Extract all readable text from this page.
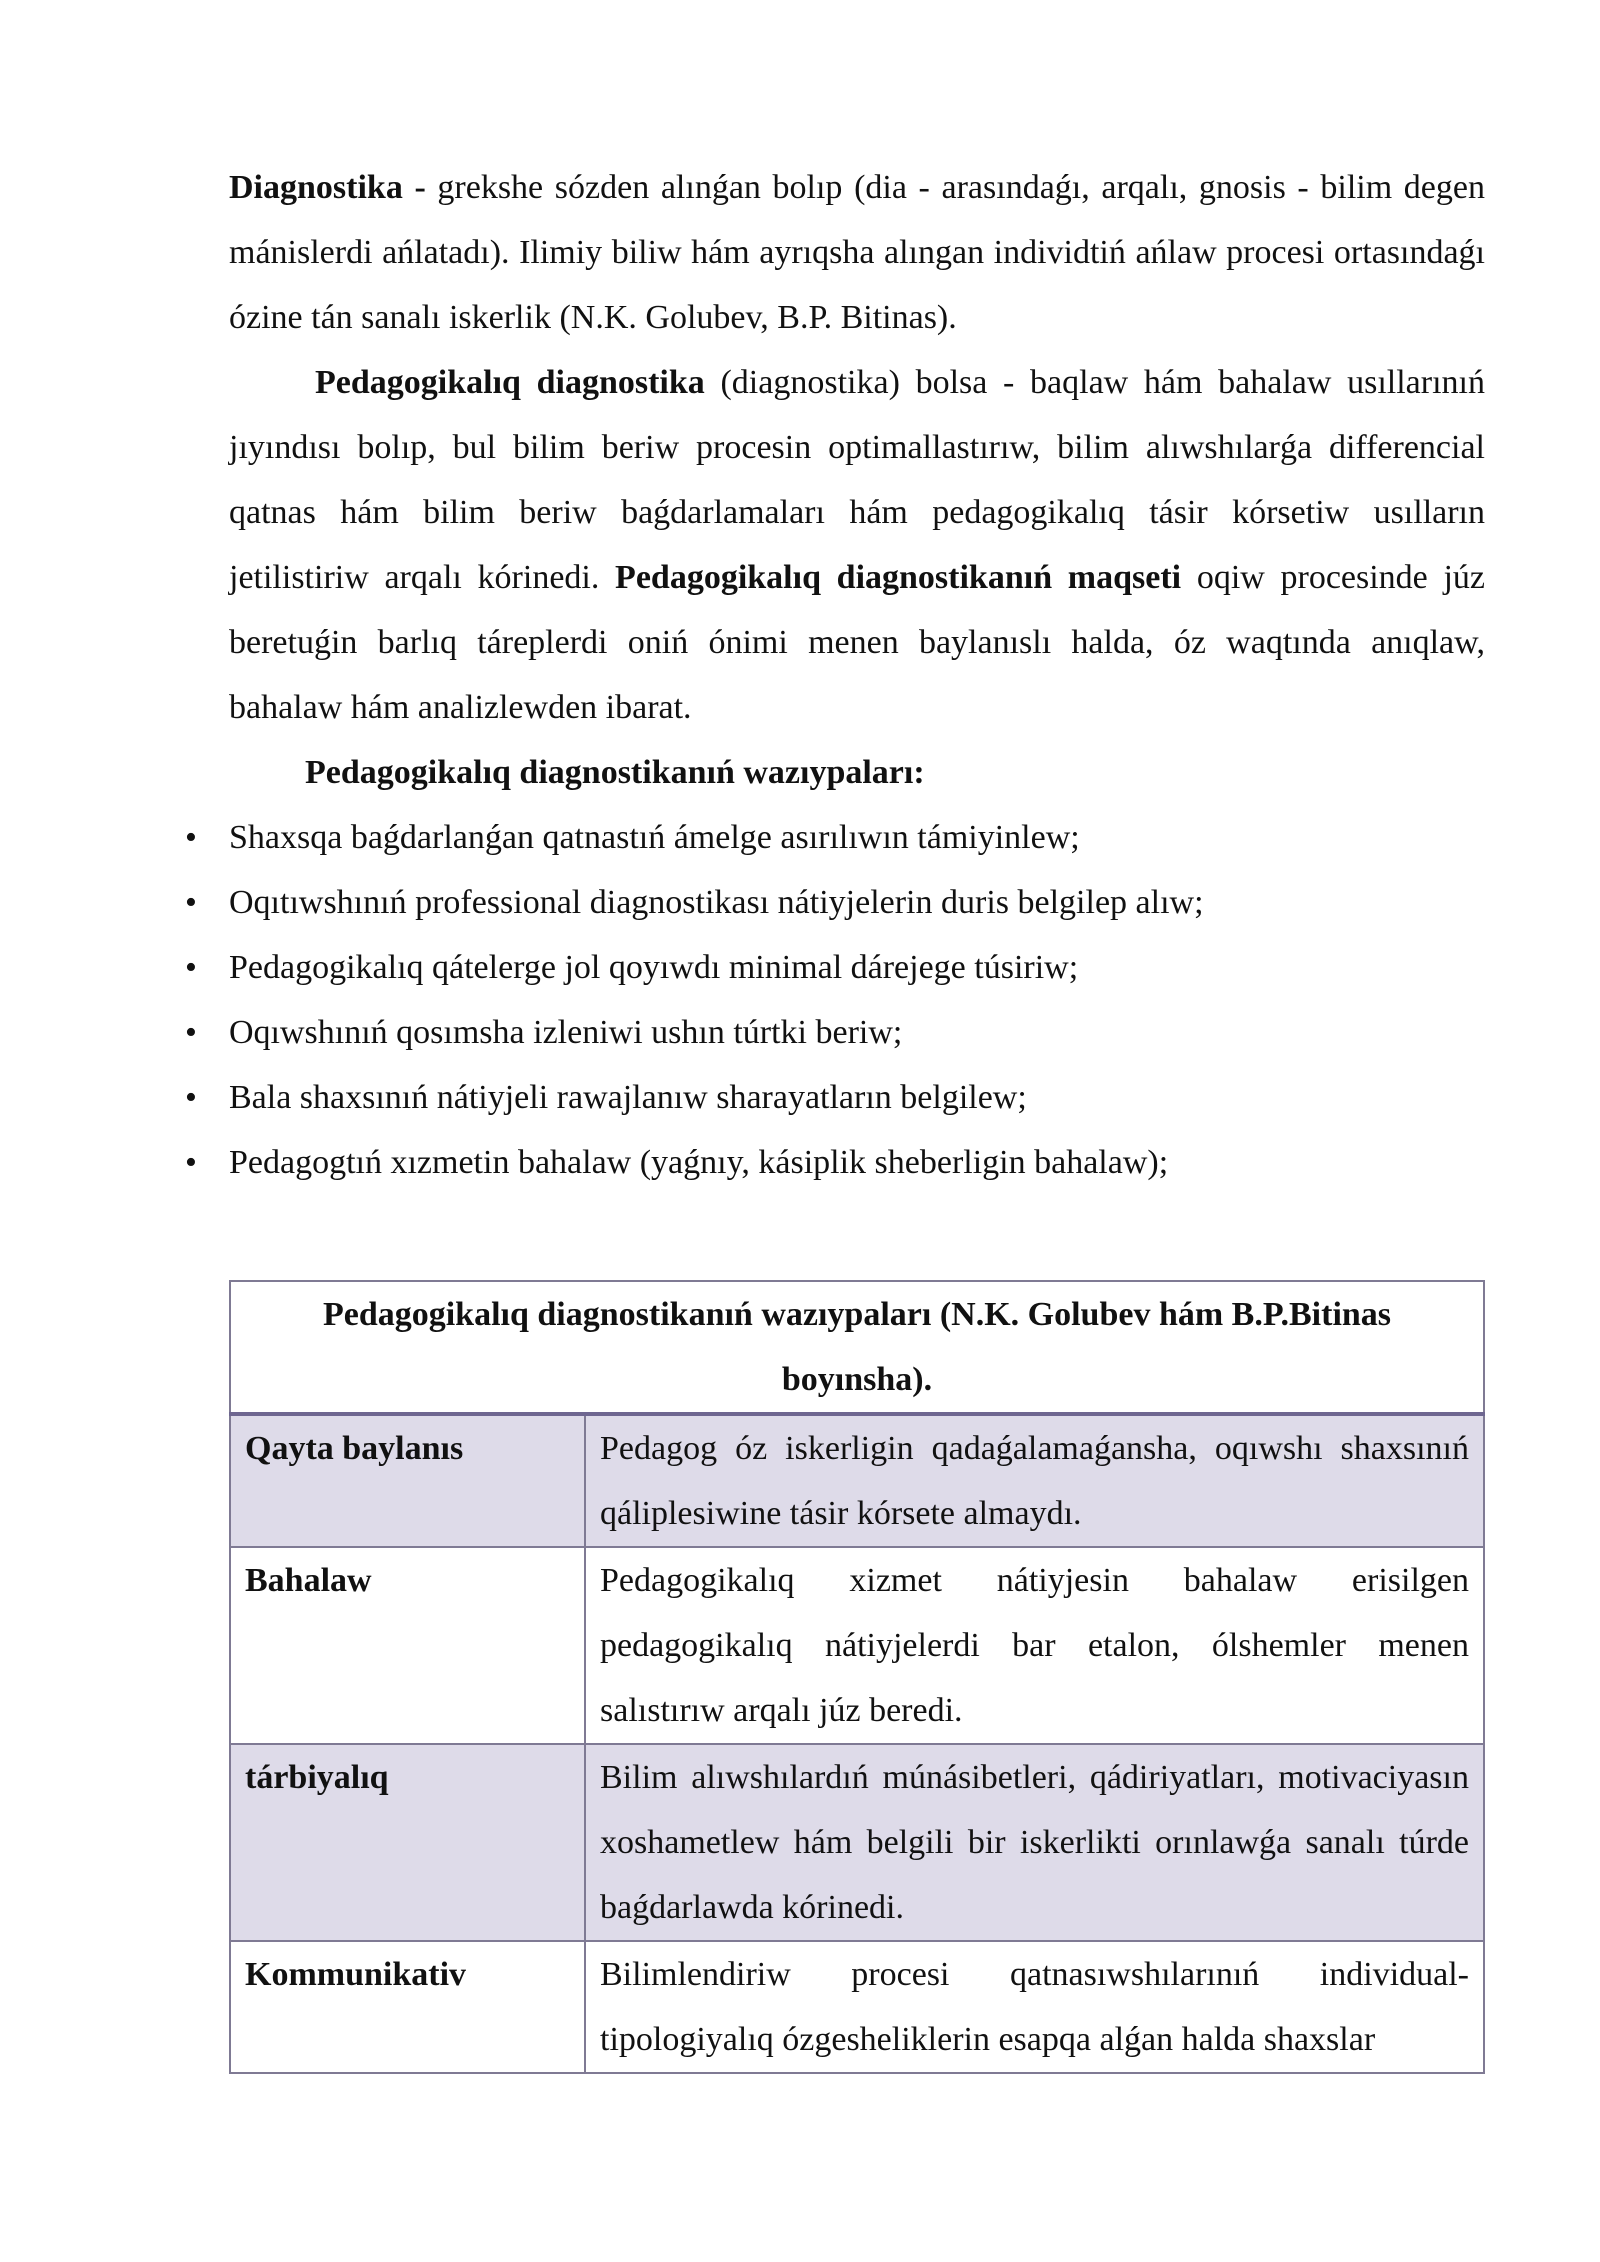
Diagnostika - grekshe sózden alınǵan bolıp (dia - arasındaǵı, arqalı, gnosis - bilim degen mánislerdi ańlatadı). Ilimiy biliw hám ayrıqsha alıngan individtiń ańlaw procesi ortasındaǵı ózine tán sanalı iskerlik (N.K. Golubev, B.P. Bitinas).

Pedagogikalıq diagnostika (diagnostika) bolsa - baqlaw hám bahalaw usıllarınıń jıyındısı bolıp, bul bilim beriw procesin optimallastırıw, bilim alıwshılarǵa differencial qatnas hám bilim beriw baǵdarlamaları hám pedagogikalıq tásir kórsetiw usılların jetilistiriw arqalı kórinedi. Pedagogikalıq diagnostikanıń maqseti oqiw procesinde júz beretuǵin barlıq táreplerdi oniń ónimi menen baylanıslı halda, óz waqtında anıqlaw, bahalaw hám analizlewden ibarat.

Pedagogikalıq diagnostikanıń wazıypaları:
• Shaxsqa baǵdarlanǵan qatnastıń ámelge asırılıwın támiyinlew;
• Oqıtıwshınıń professional diagnostikası nátiyjelerin duris belgilep alıw;
• Pedagogikalıq qátelerge jol qoyıwdı minimal dárejege túsiriw;
• Oqıwshınıń qosımsha izleniwi ushın túrtki beriw;
• Bala shaxsınıń nátiyjeli rawajlanıw sharayatların belgilew;
• Pedagogtıń xızmetin bahalaw (yaǵnıy, kásiplik sheberligin bahalaw);
Pedagogikalıq diagnostikanıń wazıypaları (N.K. Golubev hám B.P.Bitinas boyınsha).	
Qayta baylanıs	Pedagog óz iskerligin qadaǵalamaǵansha, oqıwshı shaxsınıń qáliplesiwine tásir kórsete almaydı.
Bahalaw	Pedagogikalıq xizmet nátiyjesin bahalaw erisilgen pedagogikalıq nátiyjelerdi bar etalon, ólshemler menen salıstırıw arqalı júz beredi.
tárbiyalıq	Bilim alıwshılardıń múnásibetleri, qádiriyatları, motivaciyasın xoshametlew hám belgili bir iskerlikti orınlawǵa sanalı túrde baǵdarlawda kórinedi.
Kommunikativ	Bilimlendiriw procesi qatnasıwshılarınıń individual-tipologiyalıq ózgesheliklerin esapqa alǵan halda shaxslar
